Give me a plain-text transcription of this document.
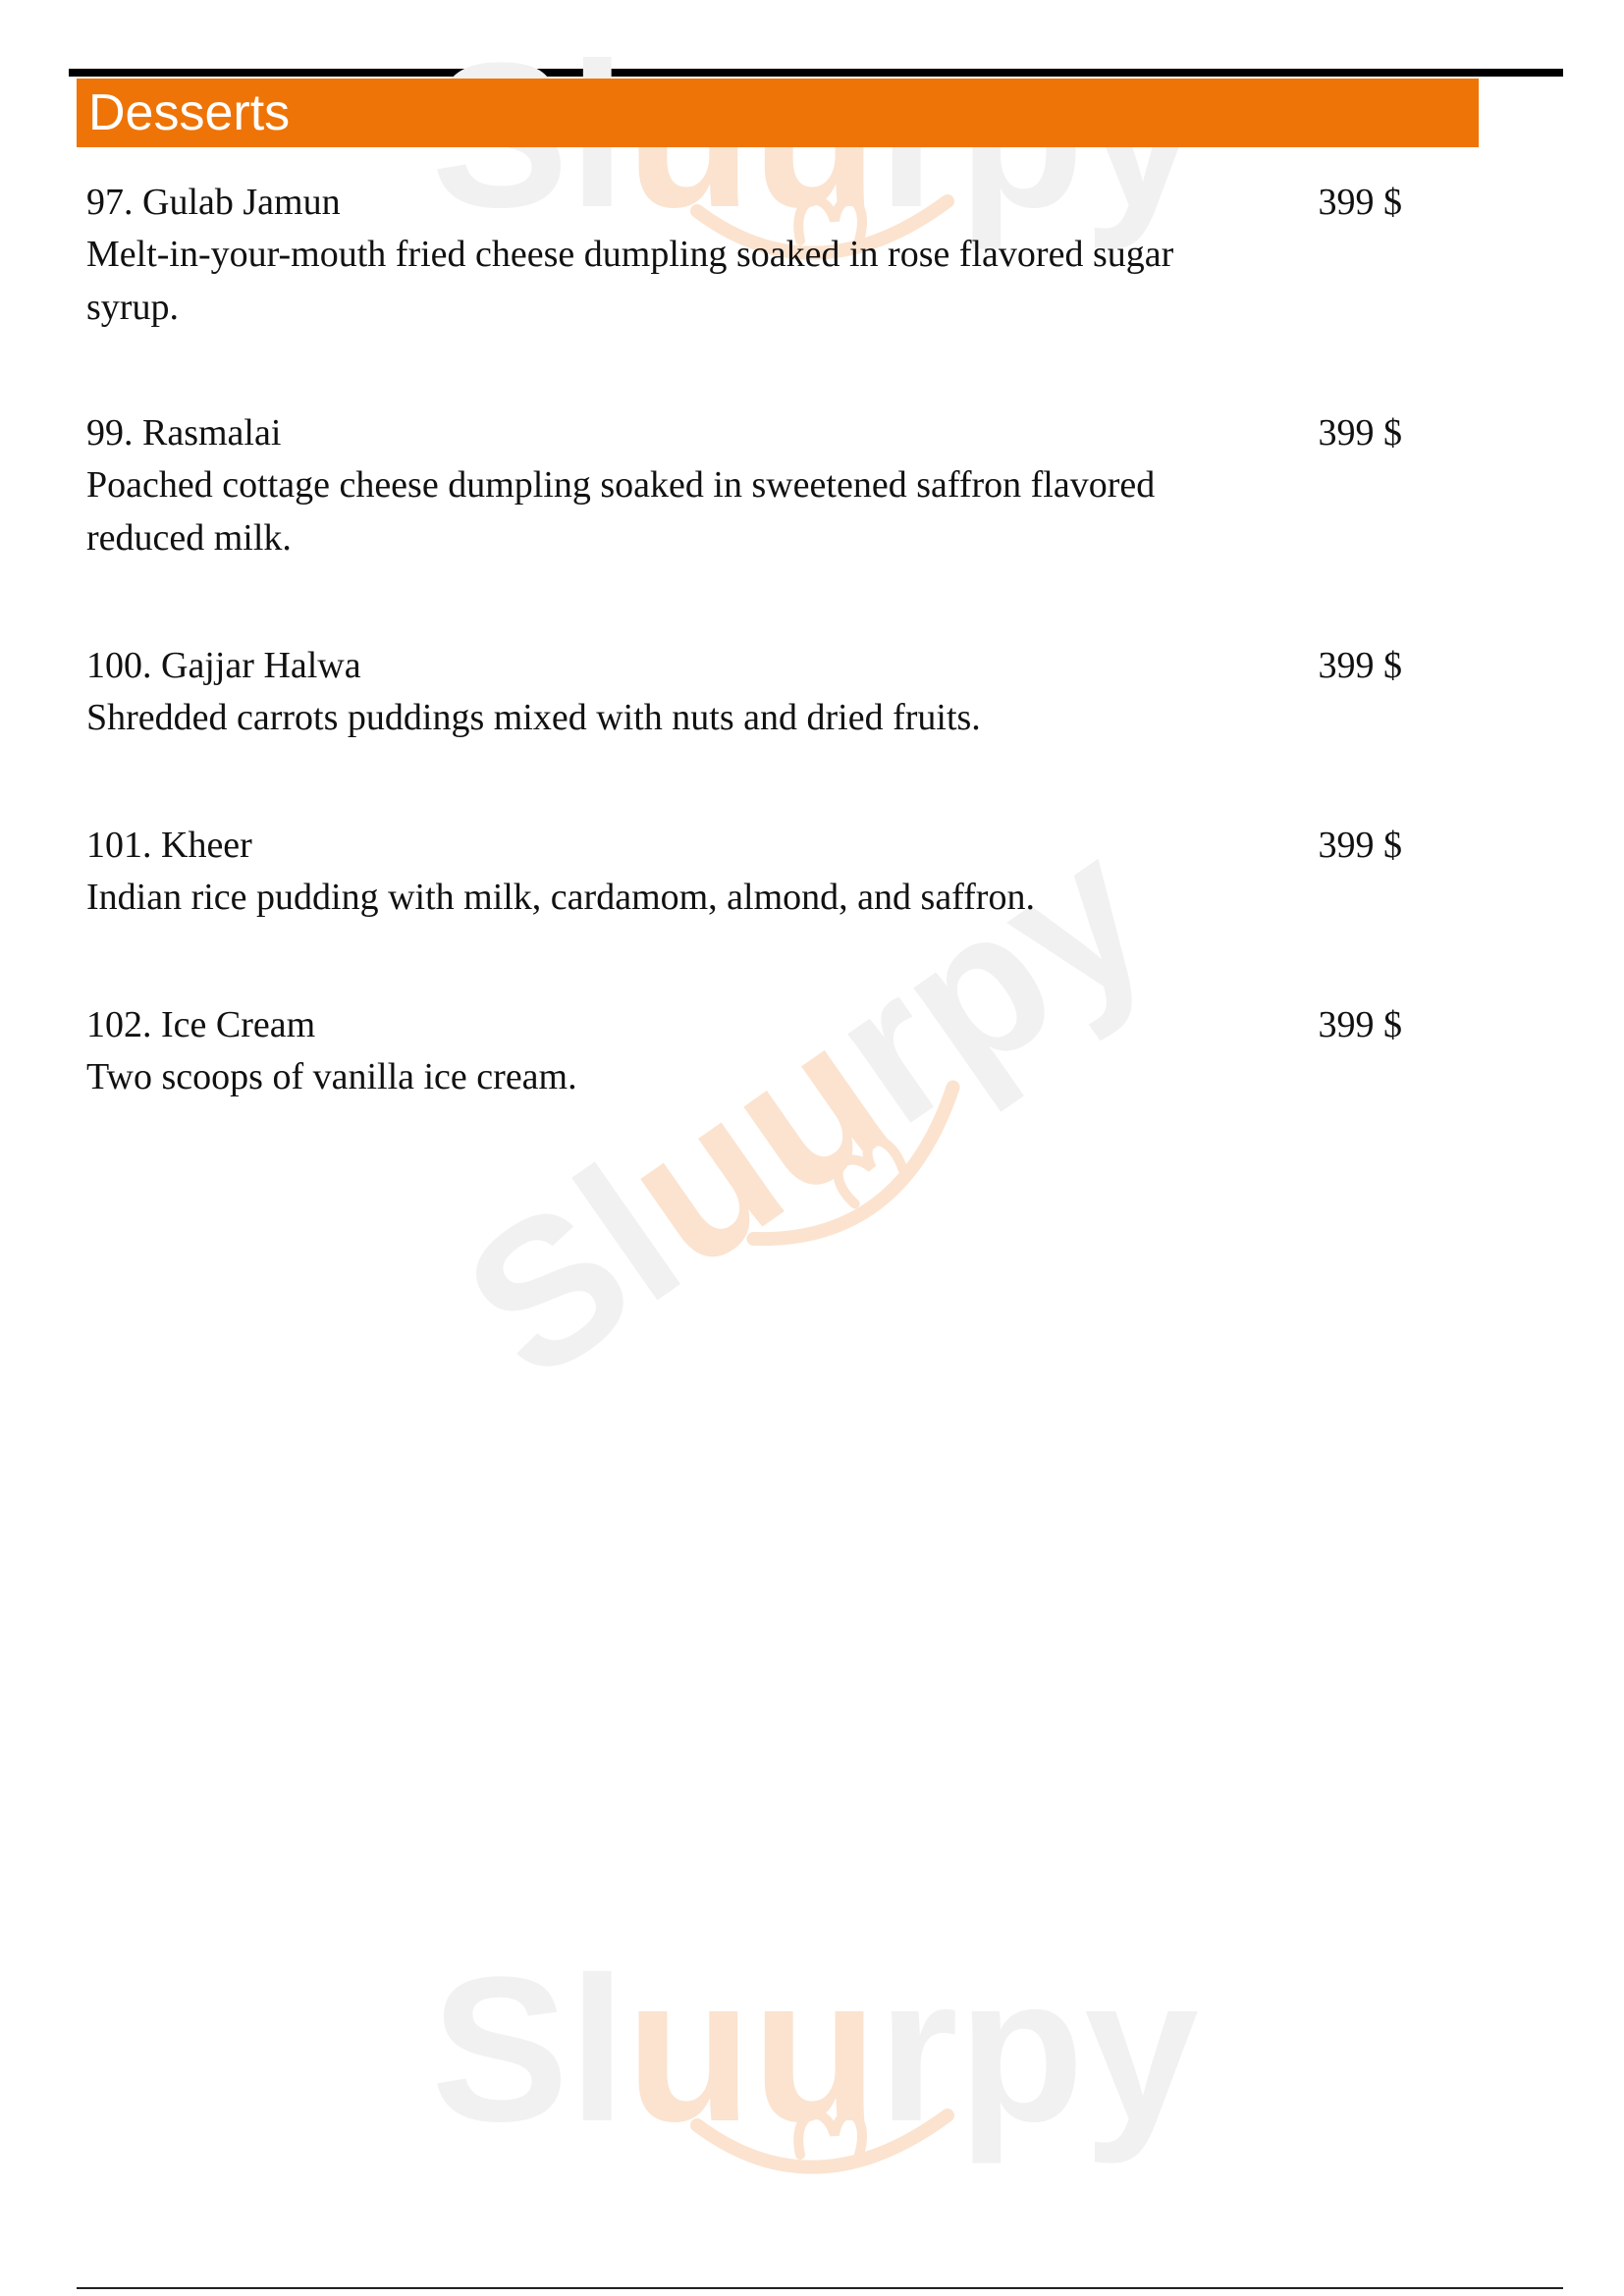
Sluurpy
Sluurpy
Desserts
97. Gulab Jamun	399 $
Melt-in-your-mouth fried cheese dumpling soaked in rose flavored sugar syrup.
99. Rasmalai	399 $
Poached cottage cheese dumpling soaked in sweetened saffron flavored reduced milk.
100. Gajjar Halwa	399 $
Shredded carrots puddings mixed with nuts and dried fruits.
101. Kheer	399 $
Indian rice pudding with milk, cardamom, almond, and saffron.
102. Ice Cream	399 $
Two scoops of vanilla ice cream.
